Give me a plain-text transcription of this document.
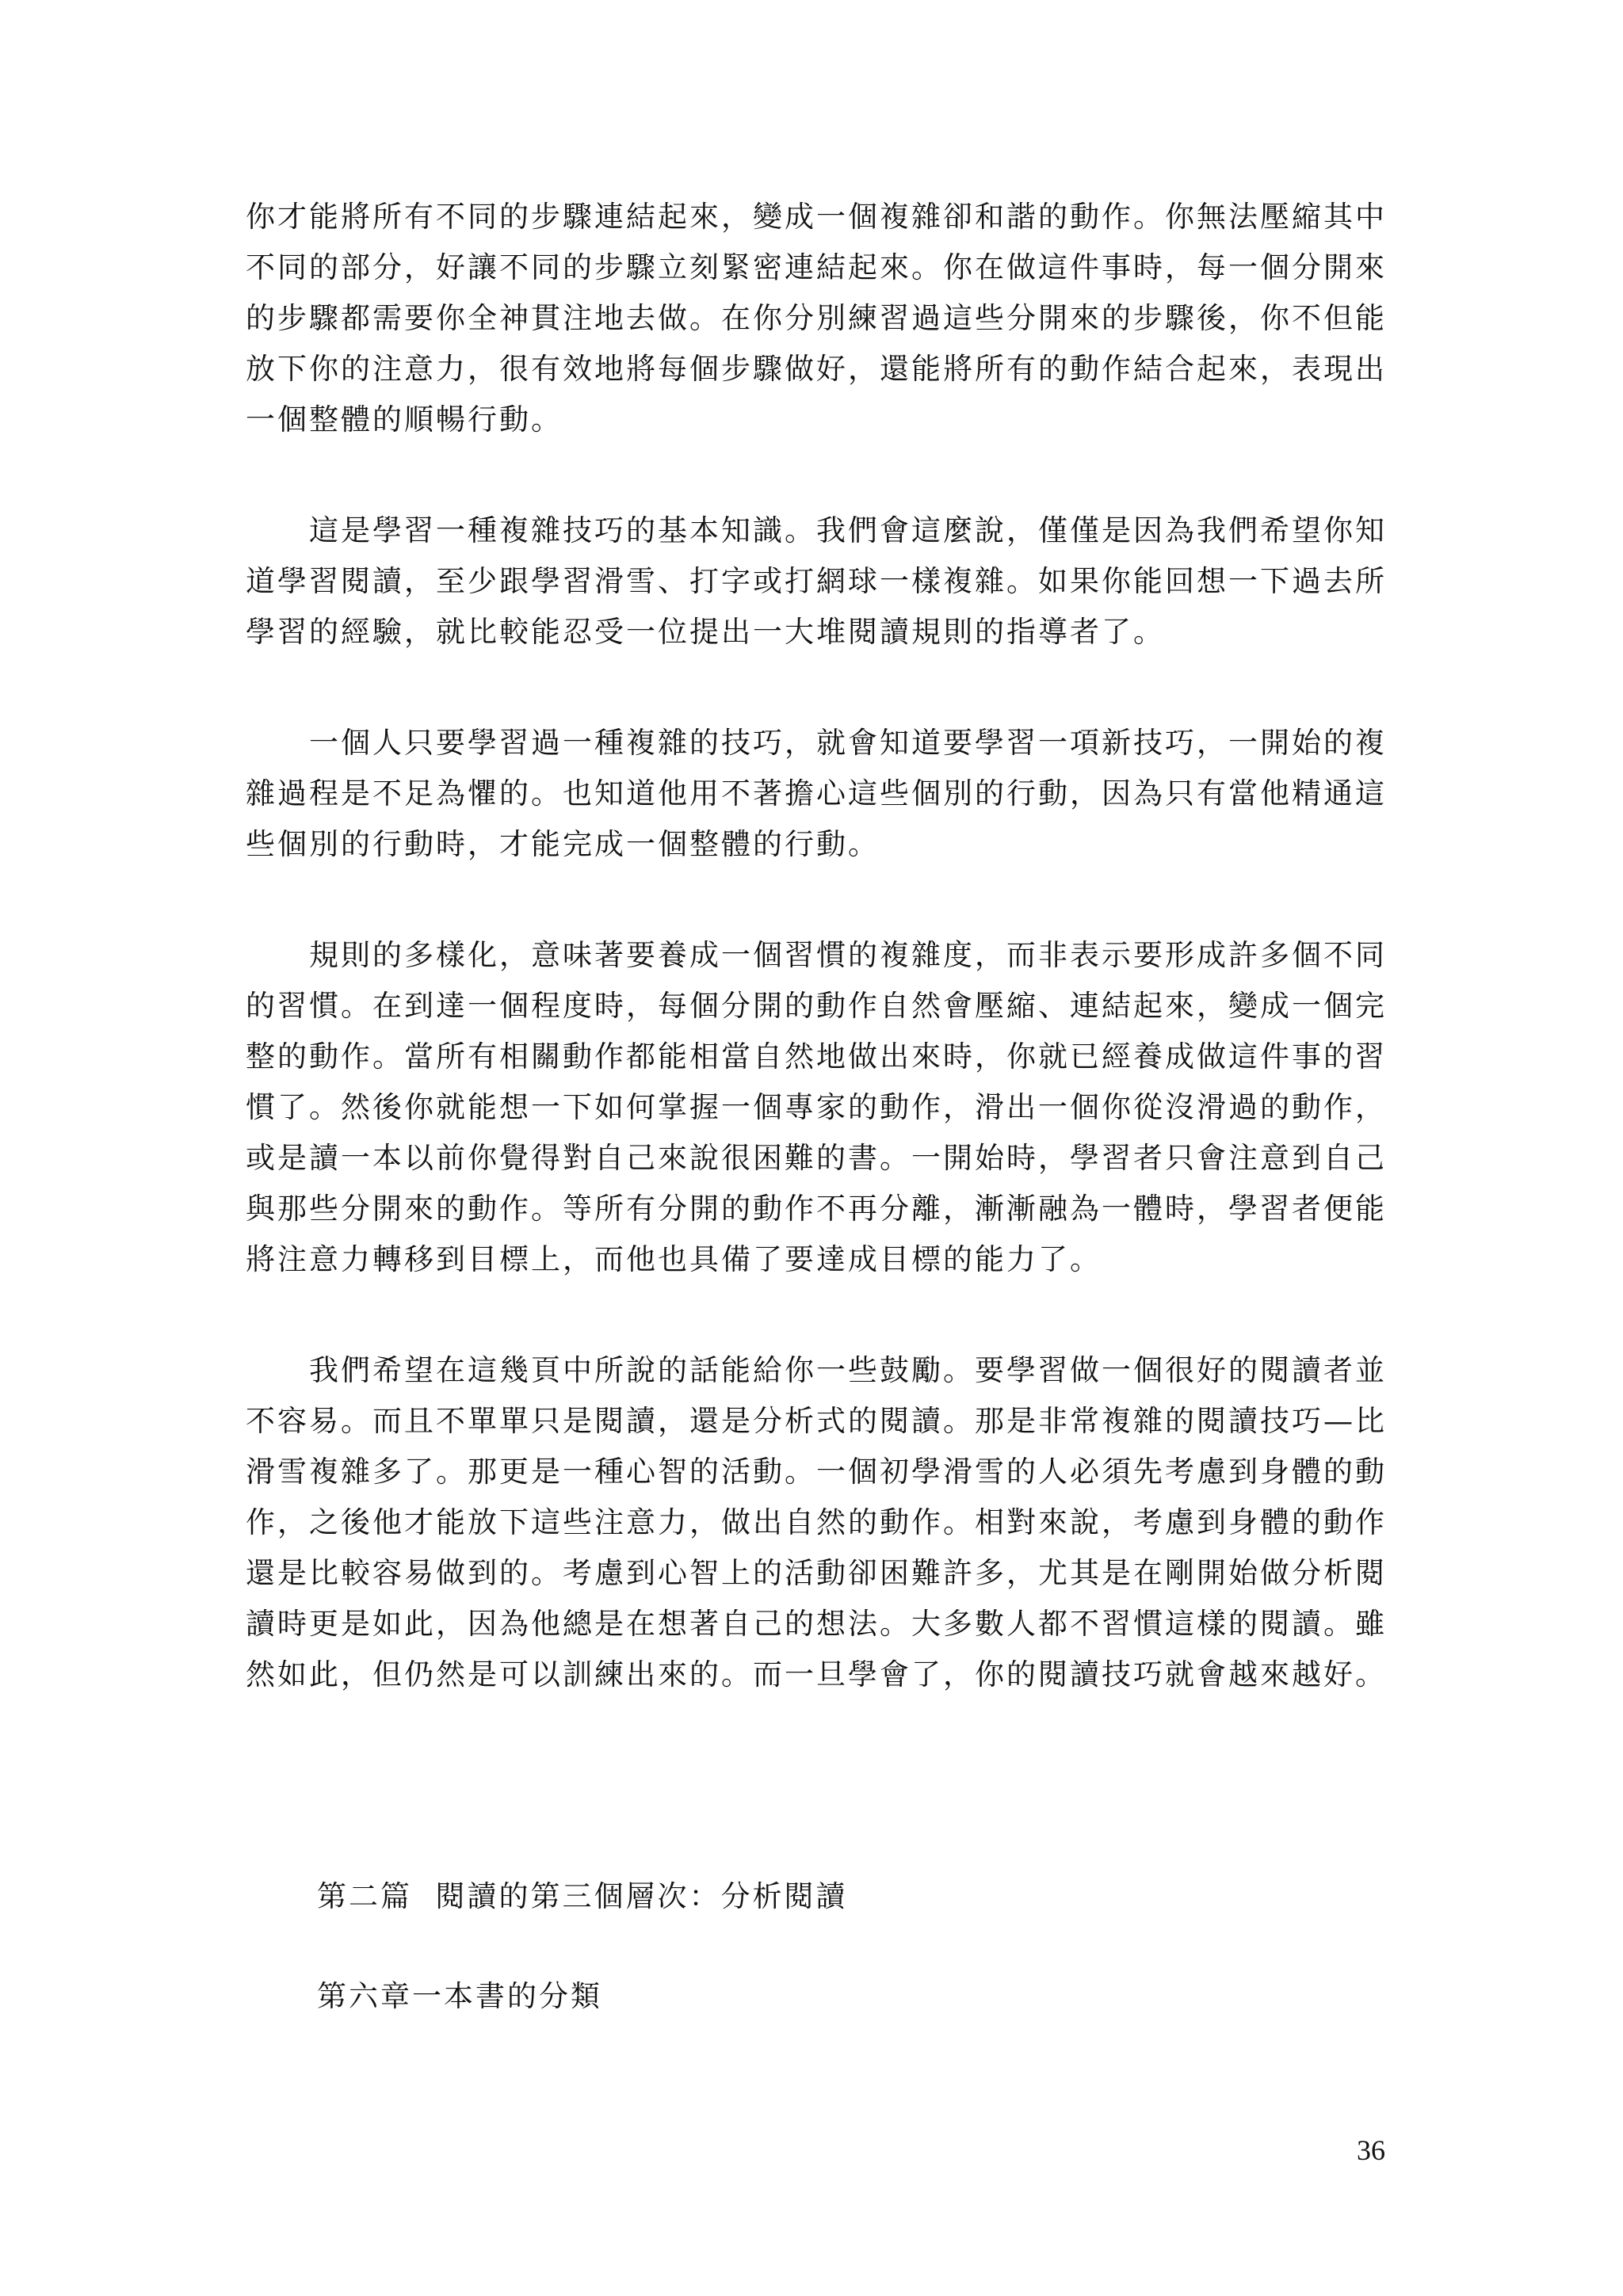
你才能將所有不同的步驟連結起來，變成一個複雜卻和諧的動作。你無法壓縮其中不同的部分，好讓不同的步驟立刻緊密連結起來。你在做這件事時，每一個分開來的步驟都需要你全神貫注地去做。在你分別練習過這些分開來的步驟後，你不但能放下你的注意力，很有效地將每個步驟做好，還能將所有的動作結合起來，表現出一個整體的順暢行動。

這是學習一種複雜技巧的基本知識。我們會這麼說，僅僅是因為我們希望你知道學習閱讀，至少跟學習滑雪、打字或打網球一樣複雜。如果你能回想一下過去所學習的經驗，就比較能忍受一位提出一大堆閱讀規則的指導者了。

一個人只要學習過一種複雜的技巧，就會知道要學習一項新技巧，一開始的複雜過程是不足為懼的。也知道他用不著擔心這些個別的行動，因為只有當他精通這些個別的行動時，才能完成一個整體的行動。

規則的多樣化，意味著要養成一個習慣的複雜度，而非表示要形成許多個不同的習慣。在到達一個程度時，每個分開的動作自然會壓縮、連結起來，變成一個完整的動作。當所有相關動作都能相當自然地做出來時，你就已經養成做這件事的習慣了。然後你就能想一下如何掌握一個專家的動作，滑出一個你從沒滑過的動作，或是讀一本以前你覺得對自己來說很困難的書。一開始時，學習者只會注意到自己與那些分開來的動作。等所有分開的動作不再分離，漸漸融為一體時，學習者便能將注意力轉移到目標上，而他也具備了要達成目標的能力了。

我們希望在這幾頁中所說的話能給你一些鼓勵。要學習做一個很好的閱讀者並不容易。而且不單單只是閱讀，還是分析式的閱讀。那是非常複雜的閱讀技巧—比滑雪複雜多了。那更是一種心智的活動。一個初學滑雪的人必須先考慮到身體的動作，之後他才能放下這些注意力，做出自然的動作。相對來說，考慮到身體的動作還是比較容易做到的。考慮到心智上的活動卻困難許多，尤其是在剛開始做分析閱讀時更是如此，因為他總是在想著自己的想法。大多數人都不習慣這樣的閱讀。雖然如此，但仍然是可以訓練出來的。而一旦學會了，你的閱讀技巧就會越來越好。

第二篇  閱讀的第三個層次：分析閱讀

第六章一本書的分類

36
